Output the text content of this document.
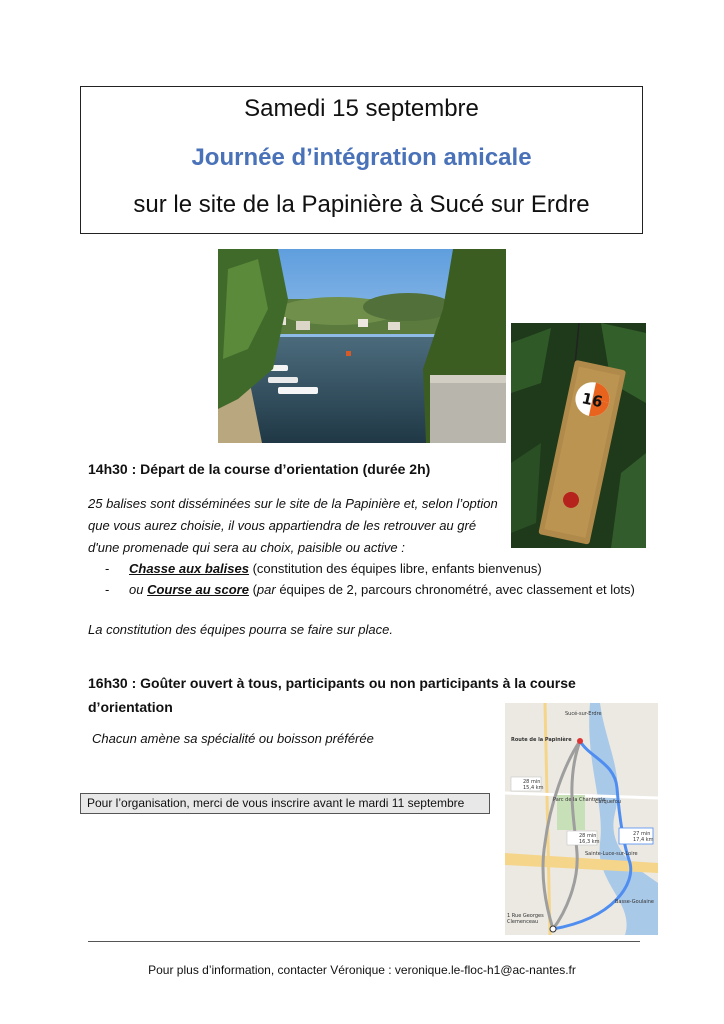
Samedi 15 septembre
Journée d’intégration amicale
sur le site de la Papinière à Sucé sur Erdre
16
14h30 : Départ de la course d’orientation (durée 2h)
25 balises sont disséminées sur le site de la Papinière et, selon l’option
que vous aurez choisie, il vous appartiendra de les retrouver au gré
d'une promenade qui sera au choix, paisible ou active :
- Chasse aux balises (constitution des équipes libre, enfants bienvenus)
- ou Course au score (par équipes de 2, parcours chronométré, avec classement et lots)
La constitution des équipes pourra se faire sur place.
16h30 : Goûter ouvert à tous, participants ou non participants à la course d’orientation
Chacun amène sa spécialité ou boisson préférée
Sucé-sur-Erdre
Route de la Papinière
Carquefou
Parc de la Chantrerie
Sainte-Luce-sur-Loire
Basse-Goulaine
28 min
15,4 km
28 min
16,3 km
27 min
17,4 km
1 Rue Georges
Clemenceau
Pour l’organisation, merci de vous inscrire avant le mardi 11 septembre
Pour plus d’information, contacter Véronique : veronique.le-floc-h1@ac-nantes.fr
